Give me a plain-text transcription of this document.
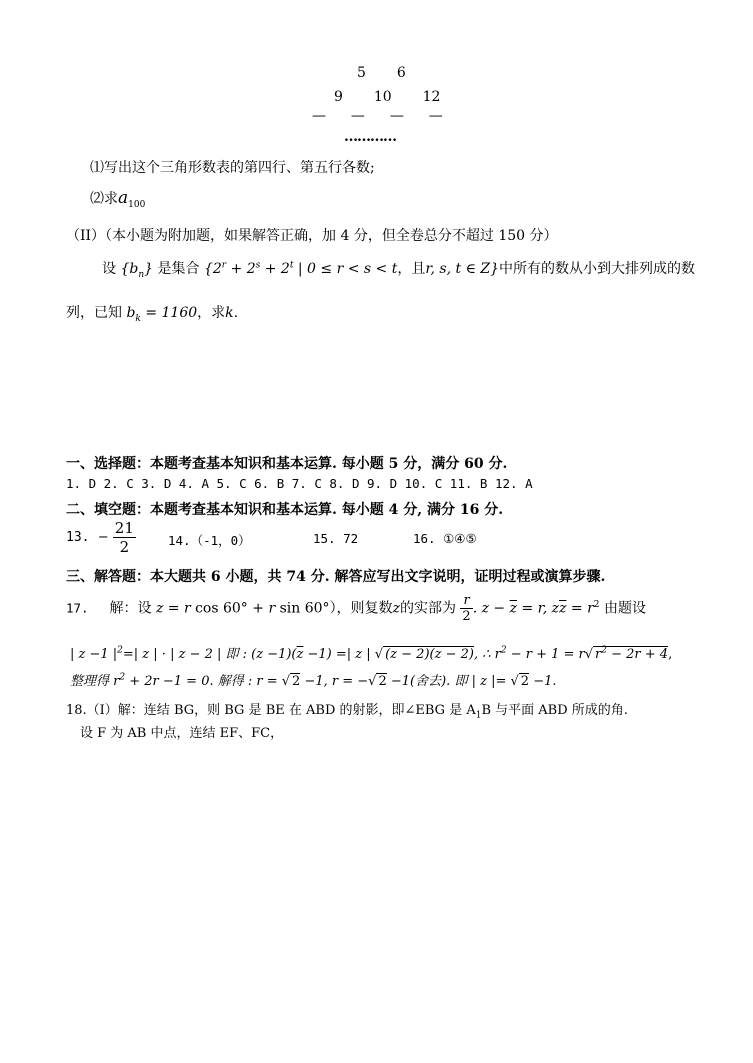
5 6
9 10 12
— — — —
…………
⑴写出这个三角形数表的第四行、第五行各数;
⑵求$a_{100}$
（II）（本小题为附加题，如果解答正确，加 4 分，但全卷总分不超过 150 分）
设 $\{b_n\}$ 是集合 {$2^r + 2^s + 2^t$ | 0 ≤ r < s < t，且r, s, t ∈ Z}中所有的数从小到大排列成的数
列，已知 $b_k = 1160$，求k.
一、选择题：本题考查基本知识和基本运算. 每小题 5 分，满分 60 分.
1. D 2. C 3. D 4. A 5. C 6. B 7. C 8. D 9. D 10. C 11. B 12. A
二、填空题：本题考查基本知识和基本运算. 每小题 4 分, 满分 16 分.
13.  − $\frac{21}{2}$	14.（-1，0）	15. 72	16. ①④⑤
三、解答题：本大题共 6 小题，共 74 分. 解答应写出文字说明，证明过程或演算步骤.
17. 解：设 z = r cos 60° + r sin 60°），则复数z的实部为 $\frac{r}{2}$ . $z - \overline{z} = r$, $z\overline{z} = r^2$ 由题设
| z −1 $|^2=|$ z | · | z − 2 | 即 : $(z -1)(\overline{z} -1)$ =| z | √ $(z - 2)(\overline{z} - 2)$, ∴ $r^2 - r + 1 = r√$ $r^2 - 2r + 4$,
整理得 $r^2 + 2r -1 = 0$. 解得 : r = √ 2 −1, r = −√ 2 −1(舍去). 即 | z |= √ 2 −1.
18.（Ⅰ）解：连结 BG，则 BG 是 BE 在 ABD 的射影，即∠EBG 是 $A_1B$ 与平面 ABD 所成的角.
设 F 为 AB 中点，连结 EF、FC，
